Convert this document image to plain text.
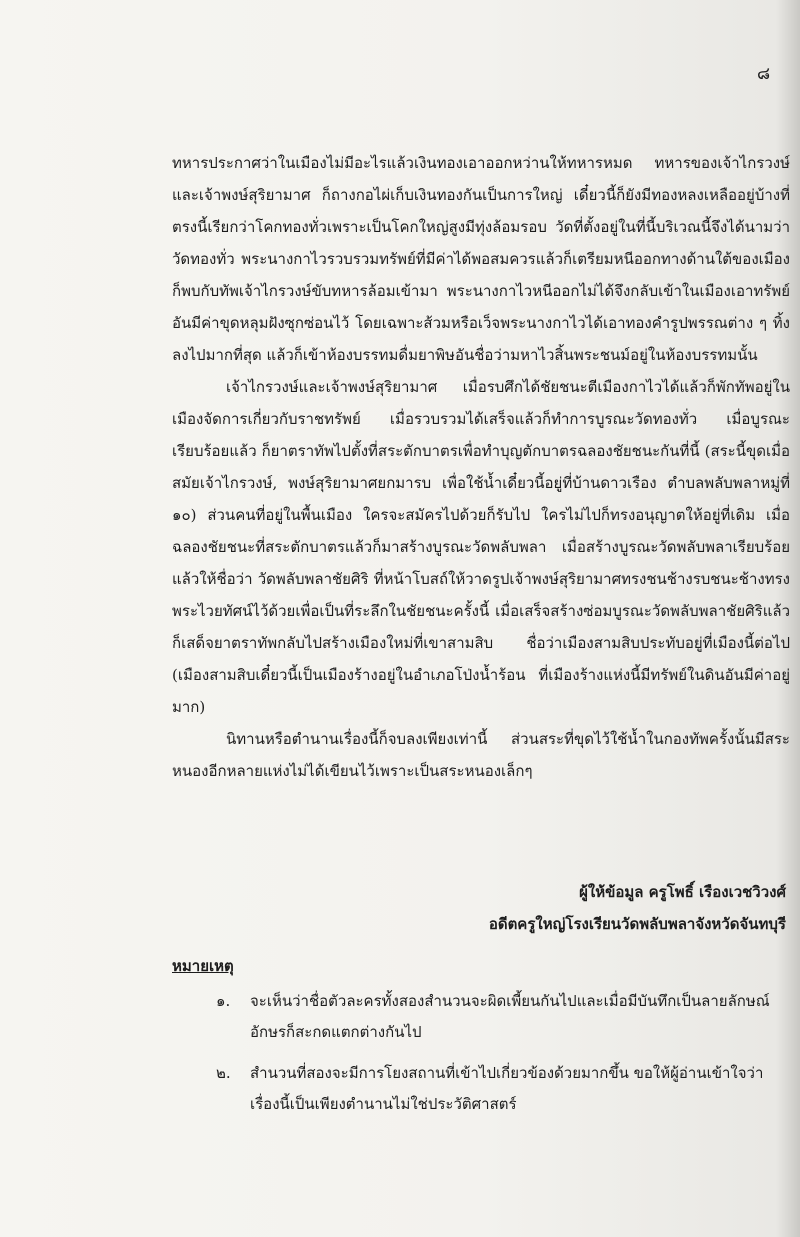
๘

ทหารประกาศว่าในเมืองไม่มีอะไรแล้วเงินทองเอาออกหว่านให้ทหารหมด ทหารของเจ้าไกรวงษ์และเจ้าพงษ์สุริยามาศ ก็ถางกอไผ่เก็บเงินทองกันเป็นการใหญ่ เดี๋ยวนี้ก็ยังมีทองหลงเหลืออยู่บ้างที่ตรงนี้เรียกว่าโคกทองทั่วเพราะเป็นโคกใหญ่สูงมีทุ่งล้อมรอบ วัดที่ตั้งอยู่ในที่นี้บริเวณนี้จึงได้นามว่าวัดทองทั่ว พระนางกาไวรวบรวมทรัพย์ที่มีค่าได้พอสมควรแล้วก็เตรียมหนีออกทางด้านใต้ของเมืองก็พบกับทัพเจ้าไกรวงษ์ขับทหารล้อมเข้ามา พระนางกาไวหนีออกไม่ได้จึงกลับเข้าในเมืองเอาทรัพย์อันมีค่าขุดหลุมฝังซุกซ่อนไว้ โดยเฉพาะส้วมหรือเว็จพระนางกาไวได้เอาทองคำรูปพรรณต่าง ๆ ทิ้งลงไปมากที่สุด แล้วก็เข้าห้องบรรทมดื่มยาพิษอันชื่อว่ามหาไวสิ้นพระชนม์อยู่ในห้องบรรทมนั้น

เจ้าไกรวงษ์และเจ้าพงษ์สุริยามาศ เมื่อรบศึกได้ชัยชนะตีเมืองกาไวได้แล้วก็พักทัพอยู่ในเมืองจัดการเกี่ยวกับราชทรัพย์ เมื่อรวบรวมได้เสร็จแล้วก็ทำการบูรณะวัดทองทั่ว เมื่อบูรณะเรียบร้อยแล้ว ก็ยาตราทัพไปตั้งที่สระตักบาตรเพื่อทำบุญตักบาตรฉลองชัยชนะกันที่นี้ (สระนี้ขุดเมื่อสมัยเจ้าไกรวงษ์, พงษ์สุริยามาศยกมารบ เพื่อใช้น้ำเดี๋ยวนี้อยู่ที่บ้านดาวเรือง ตำบลพลับพลาหมู่ที่ ๑๐) ส่วนคนที่อยู่ในพื้นเมือง ใครจะสมัครไปด้วยก็รับไป ใครไม่ไปก็ทรงอนุญาตให้อยู่ที่เดิม เมื่อฉลองชัยชนะที่สระตักบาตรแล้วก็มาสร้างบูรณะวัดพลับพลา เมื่อสร้างบูรณะวัดพลับพลาเรียบร้อยแล้วให้ชื่อว่า วัดพลับพลาชัยศิริ ที่หน้าโบสถ์ให้วาดรูปเจ้าพงษ์สุริยามาศทรงชนช้างรบชนะช้างทรงพระไวยทัศน์ไว้ด้วยเพื่อเป็นที่ระลึกในชัยชนะครั้งนี้ เมื่อเสร็จสร้างซ่อมบูรณะวัดพลับพลาชัยศิริแล้ว ก็เสด็จยาตราทัพกลับไปสร้างเมืองใหม่ที่เขาสามสิบ ชื่อว่าเมืองสามสิบประทับอยู่ที่เมืองนี้ต่อไป (เมืองสามสิบเดี๋ยวนี้เป็นเมืองร้างอยู่ในอำเภอโป่งน้ำร้อน ที่เมืองร้างแห่งนี้มีทรัพย์ในดินอันมีค่าอยู่มาก)

นิทานหรือตำนานเรื่องนี้ก็จบลงเพียงเท่านี้ ส่วนสระที่ขุดไว้ใช้น้ำในกองทัพครั้งนั้นมีสระหนองอีกหลายแห่งไม่ได้เขียนไว้เพราะเป็นสระหนองเล็กๆ

ผู้ให้ข้อมูล ครูโพธิ์ เรืองเวชวิวงศ์
อดีตครูใหญ่โรงเรียนวัดพลับพลาจังหวัดจันทบุรี
หมายเหตุ
๑.	จะเห็นว่าชื่อตัวละครทั้งสองสำนวนจะผิดเพี้ยนกันไปและเมื่อมีบันทึกเป็นลายลักษณ์อักษรก็สะกดแตกต่างกันไป
๒.	สำนวนที่สองจะมีการโยงสถานที่เข้าไปเกี่ยวข้องด้วยมากขึ้น ขอให้ผู้อ่านเข้าใจว่าเรื่องนี้เป็นเพียงตำนานไม่ใช่ประวัติศาสตร์
